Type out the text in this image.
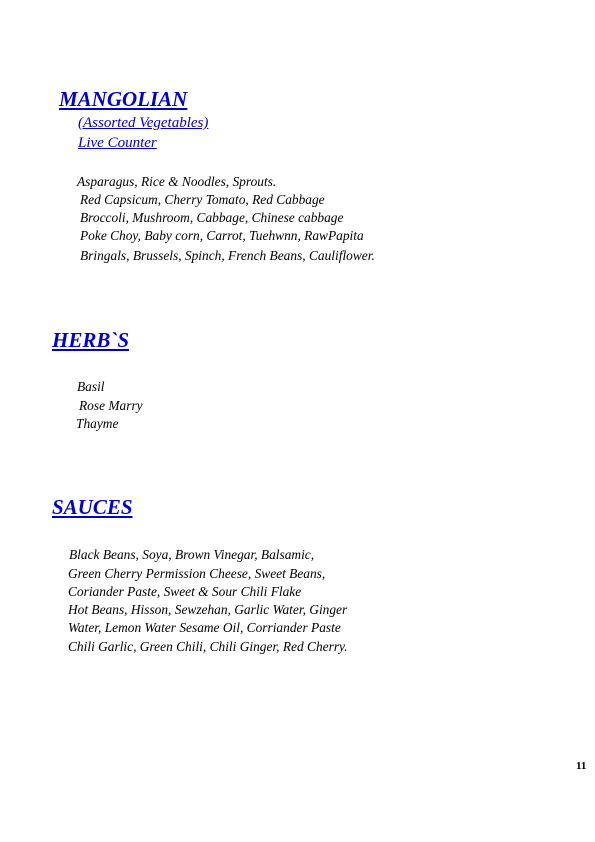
MANGOLIAN
(Assorted Vegetables)
Live Counter
Asparagus, Rice & Noodles, Sprouts.
Red Capsicum, Cherry Tomato, Red Cabbage
Broccoli, Mushroom, Cabbage, Chinese cabbage
Poke Choy, Baby corn, Carrot, Tuehwnn, RawPapita
Bringals, Brussels, Spinch, French Beans, Cauliflower.
HERB`S
Basil
Rose Marry
Thayme
SAUCES
Black Beans, Soya, Brown Vinegar, Balsamic,
Green Cherry Permission Cheese, Sweet Beans,
Coriander Paste, Sweet & Sour Chili Flake
Hot Beans, Hisson, Sewzehan, Garlic Water, Ginger
Water, Lemon Water Sesame Oil, Corriander Paste
Chili Garlic, Green Chili, Chili Ginger, Red Cherry.
11
